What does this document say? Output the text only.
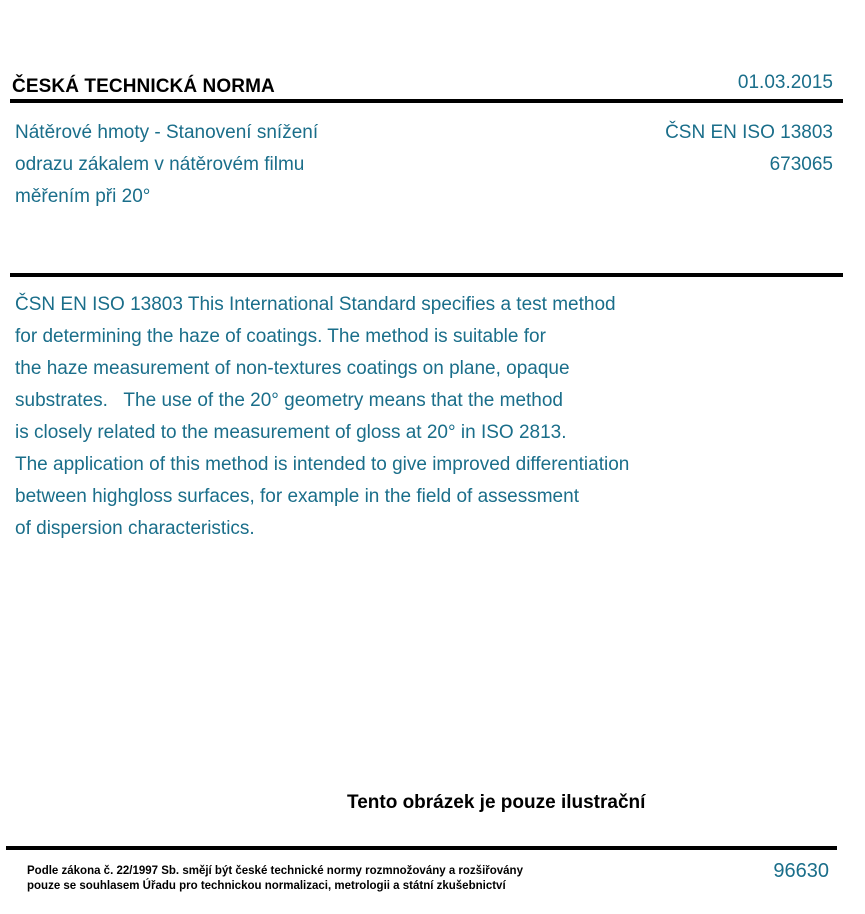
ČESKÁ TECHNICKÁ NORMA	01.03.2015
Nátěrové hmoty - Stanovení snížení
odrazu zákalem v nátěrovém filmu
měřením při 20°
ČSN EN ISO 13803
673065
ČSN EN ISO 13803 This International Standard specifies a test method
for determining the haze of coatings. The method is suitable for
the haze measurement of non-textures coatings on plane, opaque
substrates.   The use of the 20° geometry means that the method
is closely related to the measurement of gloss at 20° in ISO 2813.
The application of this method is intended to give improved differentiation
between highgloss surfaces, for example in the field of assessment
of dispersion characteristics.
Tento obrázek je pouze ilustrační
Podle zákona č. 22/1997 Sb. smějí být české technické normy rozmnožovány a rozšiřovány
pouze se souhlasem Úřadu pro technickou normalizaci, metrologii a státní zkušebnictví
96630
